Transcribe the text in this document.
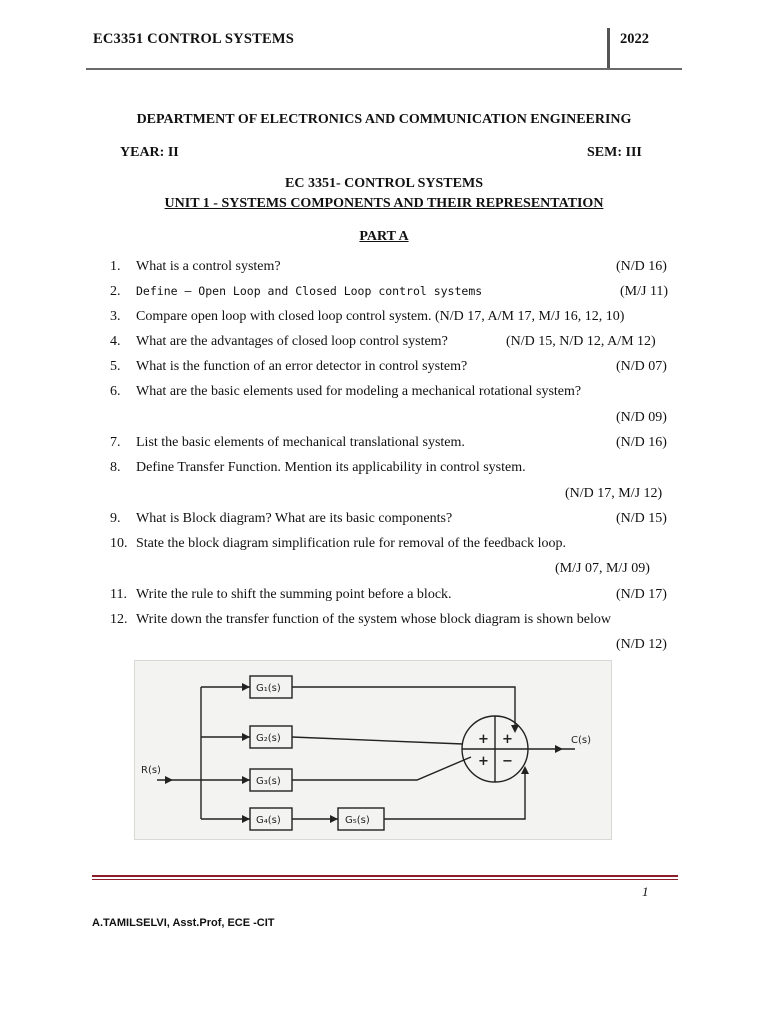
EC3351 CONTROL SYSTEMS	2022
DEPARTMENT OF ELECTRONICS AND COMMUNICATION ENGINEERING
YEAR: II	SEM: III
EC 3351- CONTROL SYSTEMS
UNIT 1 - SYSTEMS COMPONENTS AND THEIR REPRESENTATION
PART A
1. What is a control system?	(N/D 16)
2. Define — Open Loop and Closed Loop control systems	(M/J 11)
3. Compare open loop with closed loop control system. (N/D 17, A/M 17, M/J 16, 12, 10)
4. What are the advantages of closed loop control system?	(N/D 15, N/D 12, A/M 12)
5. What is the function of an error detector in control system?	(N/D 07)
6. What are the basic elements used for modeling a mechanical rotational system?
(N/D 09)
7. List the basic elements of mechanical translational system.	(N/D 16)
8. Define Transfer Function. Mention its applicability in control system.
(N/D 17, M/J 12)
9. What is Block diagram? What are its basic components?	(N/D 15)
10. State the block diagram simplification rule for removal of the feedback loop.
(M/J 07, M/J 09)
11. Write the rule to shift the summing point before a block.	(N/D 17)
12. Write down the transfer function of the system whose block diagram is shown below
(N/D 12)
R(s)
C(s)
G₁(s)
G₂(s)
G₃(s)
G₄(s)	G₅(s)
+ +
+ −
1
A.TAMILSELVI, Asst.Prof, ECE -CIT
